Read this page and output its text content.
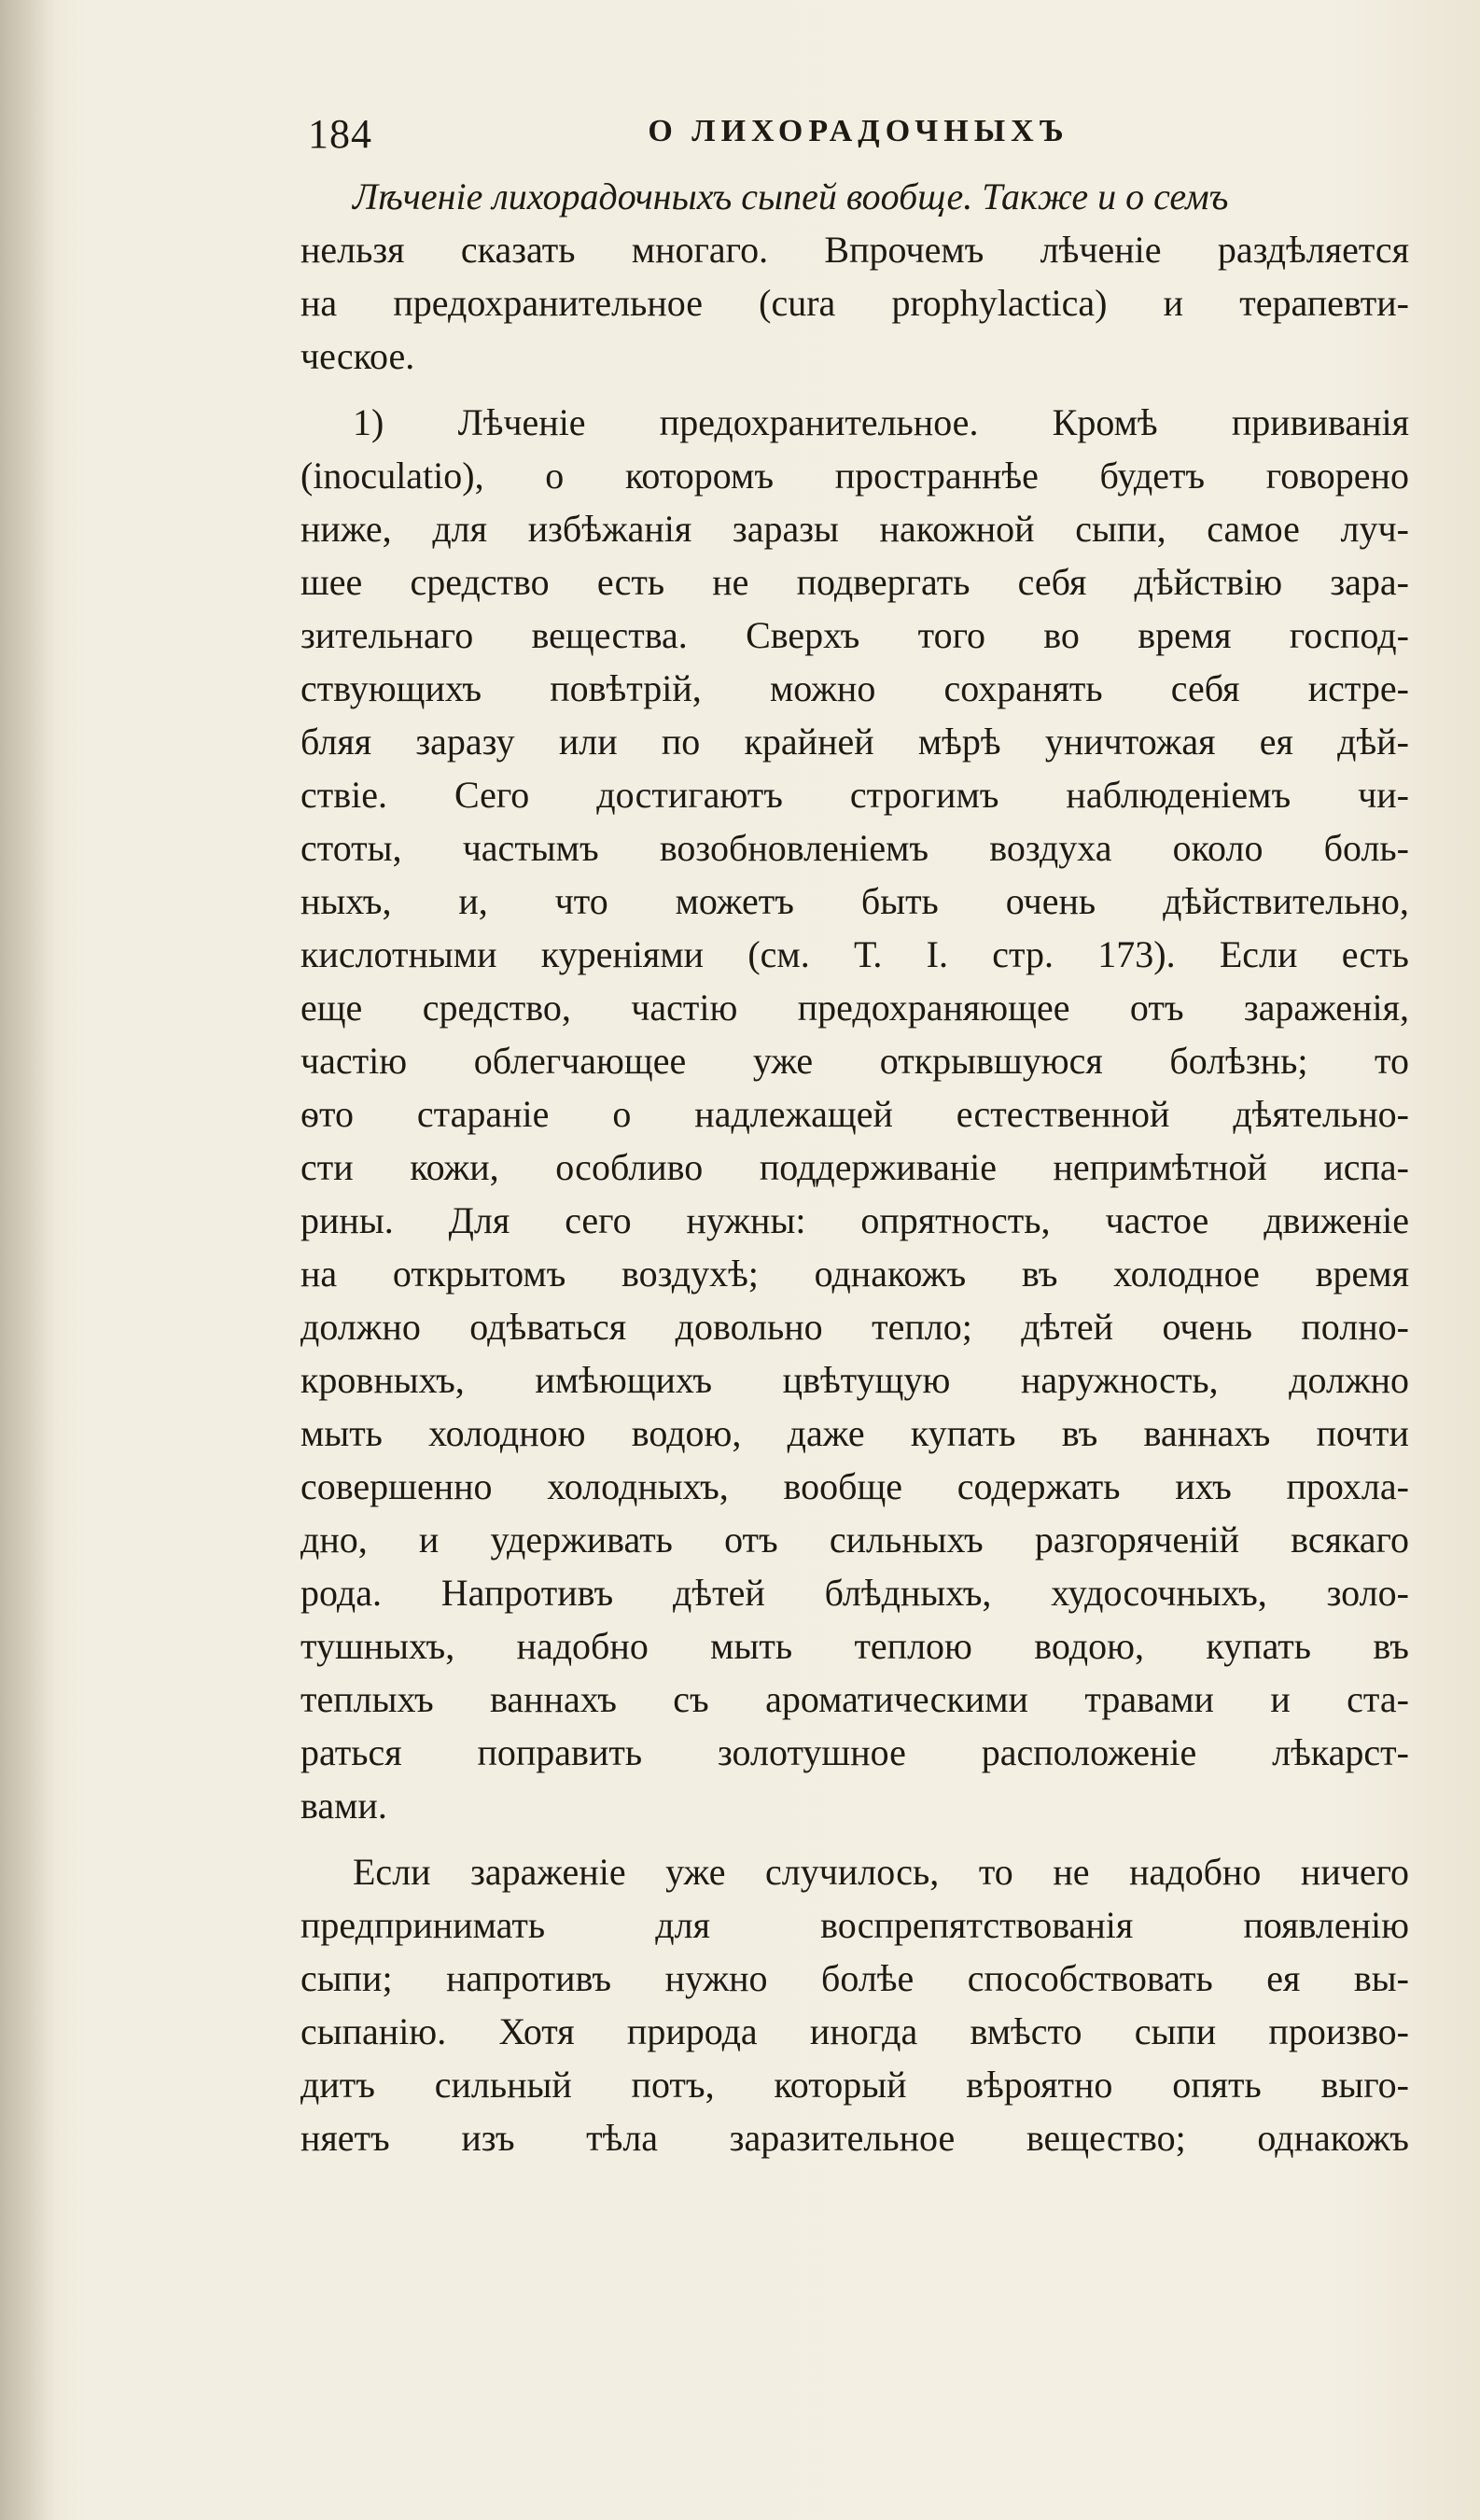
184	О ЛИХОРАДОЧНЫХЪ
Лѣченіе лихорадочныхъ сыпей вообще. Также и о семъ
нельзя сказать многаго. Впрочемъ лѣченіе раздѣляется
на предохранительное (cura prophylactica) и терапевти-
ческое.
1) Лѣченіе предохранительное. Кромѣ прививанія
(inoculatio), о которомъ пространнѣе будетъ говорено
ниже, для избѣжанія заразы накожной сыпи, самое луч-
шее средство есть не подвергать себя дѣйствію зара-
зительнаго вещества. Сверхъ того во время господ-
ствующихъ повѣтрій, можно сохранять себя истре-
бляя заразу или по крайней мѣрѣ уничтожая ея дѣй-
ствіе. Сего достигаютъ строгимъ наблюденіемъ чи-
стоты, частымъ возобновленіемъ воздуха около боль-
ныхъ, и, что можетъ быть очень дѣйствительно,
кислотными куреніями (см. Т. I. стр. 173). Если есть
еще средство, частію предохраняющее отъ зараженія,
частію облегчающее уже открывшуюся болѣзнь; то
ѳто стараніе о надлежащей естественной дѣятельно-
сти кожи, особливо поддерживаніе непримѣтной испа-
рины. Для сего нужны: опрятность, частое движеніе
на открытомъ воздухѣ; однакожъ въ холодное время
должно одѣваться довольно тепло; дѣтей очень полно-
кровныхъ, имѣющихъ цвѣтущую наружность, должно
мыть холодною водою, даже купать въ ваннахъ почти
совершенно холодныхъ, вообще содержать ихъ прохла-
дно, и удерживать отъ сильныхъ разгоряченій всякаго
рода. Напротивъ дѣтей блѣдныхъ, худосочныхъ, золо-
тушныхъ, надобно мыть теплою водою, купать въ
теплыхъ ваннахъ съ ароматическими травами и ста-
раться поправить золотушное расположеніе лѣкарст-
вами.
Если зараженіе уже случилось, то не надобно ничего
предпринимать	для	воспрепятствованія	появленію
сыпи; напротивъ нужно болѣе способствовать ея вы-
сыпанію. Хотя природа иногда вмѣсто сыпи произво-
дитъ сильный потъ, который вѣроятно опять выго-
няетъ изъ тѣла заразительное вещество; однакожъ
